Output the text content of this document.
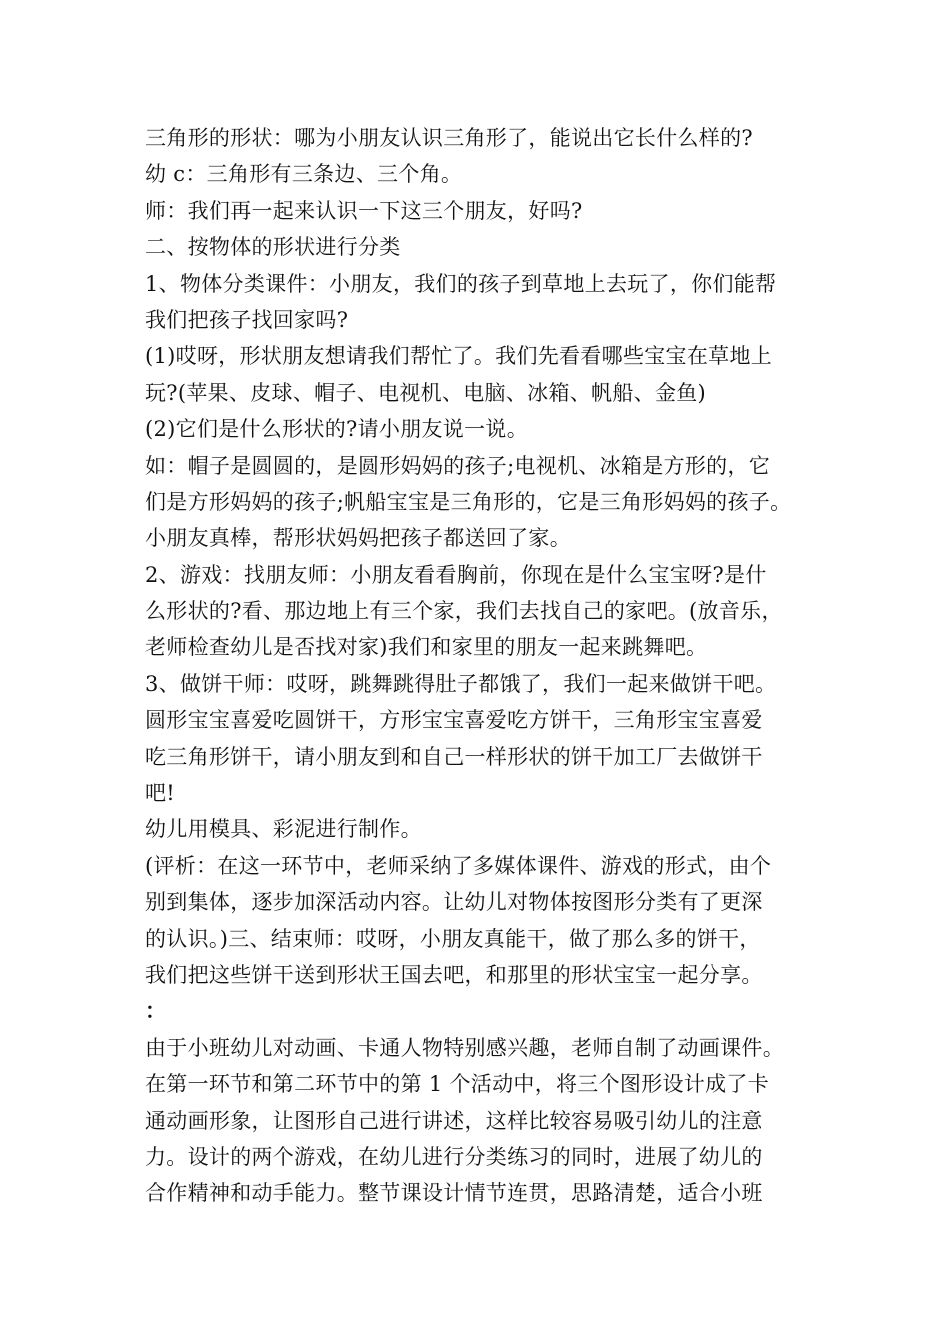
三角形的形状：哪为小朋友认识三角形了，能说出它长什么样的?
幼 c：三角形有三条边、三个角。
师：我们再一起来认识一下这三个朋友，好吗?
二、按物体的形状进行分类
1、物体分类课件：小朋友，我们的孩子到草地上去玩了，你们能帮
我们把孩子找回家吗?
(1)哎呀，形状朋友想请我们帮忙了。我们先看看哪些宝宝在草地上
玩?(苹果、皮球、帽子、电视机、电脑、冰箱、帆船、金鱼)
(2)它们是什么形状的?请小朋友说一说。
如：帽子是圆圆的，是圆形妈妈的孩子;电视机、冰箱是方形的，它
们是方形妈妈的孩子;帆船宝宝是三角形的，它是三角形妈妈的孩子。
小朋友真棒，帮形状妈妈把孩子都送回了家。
2、游戏：找朋友师：小朋友看看胸前，你现在是什么宝宝呀?是什
么形状的?看、那边地上有三个家，我们去找自己的家吧。(放音乐，
老师检查幼儿是否找对家)我们和家里的朋友一起来跳舞吧。
3、做饼干师：哎呀，跳舞跳得肚子都饿了，我们一起来做饼干吧。
圆形宝宝喜爱吃圆饼干，方形宝宝喜爱吃方饼干，三角形宝宝喜爱
吃三角形饼干，请小朋友到和自己一样形状的饼干加工厂去做饼干
吧!
幼儿用模具、彩泥进行制作。
(评析：在这一环节中，老师采纳了多媒体课件、游戏的形式，由个
别到集体，逐步加深活动内容。让幼儿对物体按图形分类有了更深
的认识。)三、结束师：哎呀，小朋友真能干，做了那么多的饼干，
我们把这些饼干送到形状王国去吧，和那里的形状宝宝一起分享。
：
由于小班幼儿对动画、卡通人物特别感兴趣，老师自制了动画课件。
在第一环节和第二环节中的第 1 个活动中，将三个图形设计成了卡
通动画形象，让图形自己进行讲述，这样比较容易吸引幼儿的注意
力。设计的两个游戏，在幼儿进行分类练习的同时，进展了幼儿的
合作精神和动手能力。整节课设计情节连贯，思路清楚，适合小班
